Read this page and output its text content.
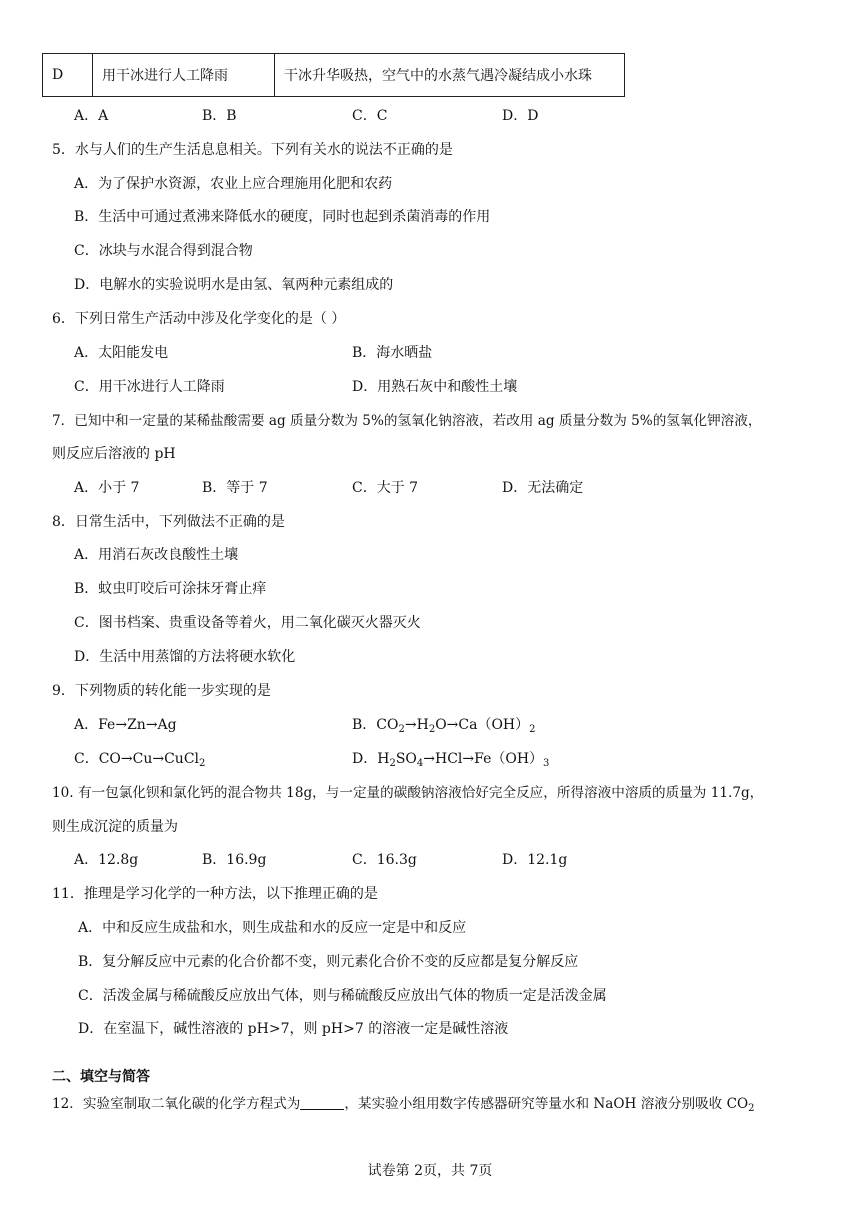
D	用干冰进行人工降雨	干冰升华吸热，空气中的水蒸气遇冷凝结成小水珠
A．A	B．B	C．C	D．D
5．水与人们的生产生活息息相关。下列有关水的说法不正确的是
A．为了保护水资源，农业上应合理施用化肥和农药
B．生活中可通过煮沸来降低水的硬度，同时也起到杀菌消毒的作用
C．冰块与水混合得到混合物
D．电解水的实验说明水是由氢、氧两种元素组成的
6．下列日常生产活动中涉及化学变化的是（ ）
A．太阳能发电	B．海水晒盐
C．用干冰进行人工降雨	D．用熟石灰中和酸性土壤
7．已知中和一定量的某稀盐酸需要 ag 质量分数为 5%的氢氧化钠溶液，若改用 ag 质量分数为 5%的氢氧化钾溶液，
则反应后溶液的 pH
A．小于 7	B．等于 7	C．大于 7	D．无法确定
8．日常生活中，下列做法不正确的是
A．用消石灰改良酸性土壤
B．蚊虫叮咬后可涂抹牙膏止痒
C．图书档案、贵重设备等着火，用二氧化碳灭火器灭火
D．生活中用蒸馏的方法将硬水软化
9．下列物质的转化能一步实现的是
A．Fe→Zn→Ag	B．$CO_2\to H_2O\to Ca(OH)_2$
C．CO→Cu→CuCl$_2$	D．$H_2SO_4\to HCl\to Fe(OH)_3$
10. 有一包氯化钡和氯化钙的混合物共 18g，与一定量的碳酸钠溶液恰好完全反应，所得溶液中溶质的质量为 11.7g，
则生成沉淀的质量为
A．12.8g	B．16.9g	C．16.3g	D．12.1g
11．推理是学习化学的一种方法，以下推理正确的是
A．中和反应生成盐和水，则生成盐和水的反应一定是中和反应
B．复分解反应中元素的化合价都不变，则元素化合价不变的反应都是复分解反应
C．活泼金属与稀硫酸反应放出气体，则与稀硫酸反应放出气体的物质一定是活泼金属
D．在室温下，碱性溶液的 pH>7，则 pH>7 的溶液一定是碱性溶液
二、填空与简答
12．实验室制取二氧化碳的化学方程式为	，某实验小组用数字传感器研究等量水和 NaOH 溶液分别吸收 $CO_2$
试卷第 2页，共 7页
